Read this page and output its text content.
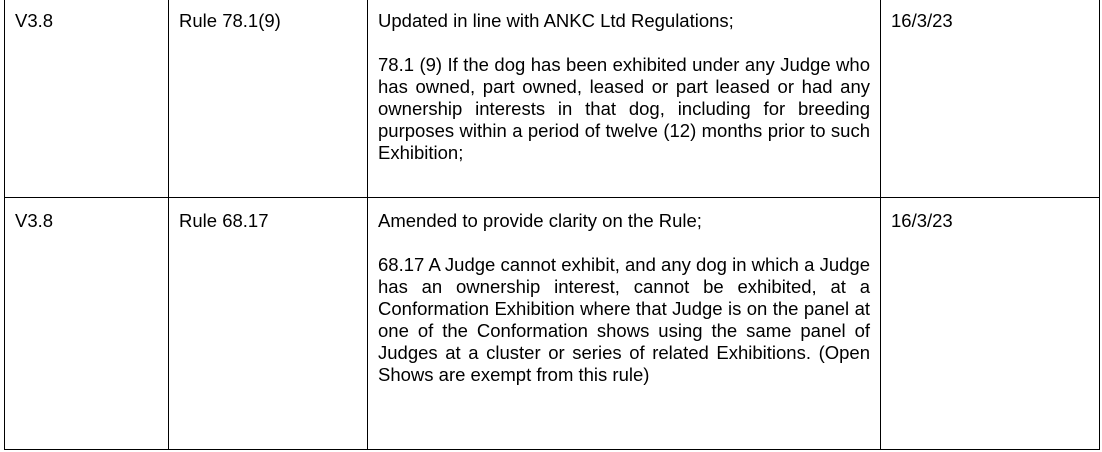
V3.8	Rule 78.1(9)	Updated in line with ANKC Ltd Regulations;

78.1 (9) If the dog has been exhibited under any Judge who has owned, part owned, leased or part leased or had any ownership interests in that dog, including for breeding purposes within a period of twelve (12) months prior to such Exhibition;	16/3/23
V3.8	Rule 68.17	Amended to provide clarity on the Rule;

68.17 A Judge cannot exhibit, and any dog in which a Judge has an ownership interest, cannot be exhibited, at a Conformation Exhibition where that Judge is on the panel at one of the Conformation shows using the same panel of Judges at a cluster or series of related Exhibitions. (Open Shows are exempt from this rule)	16/3/23
